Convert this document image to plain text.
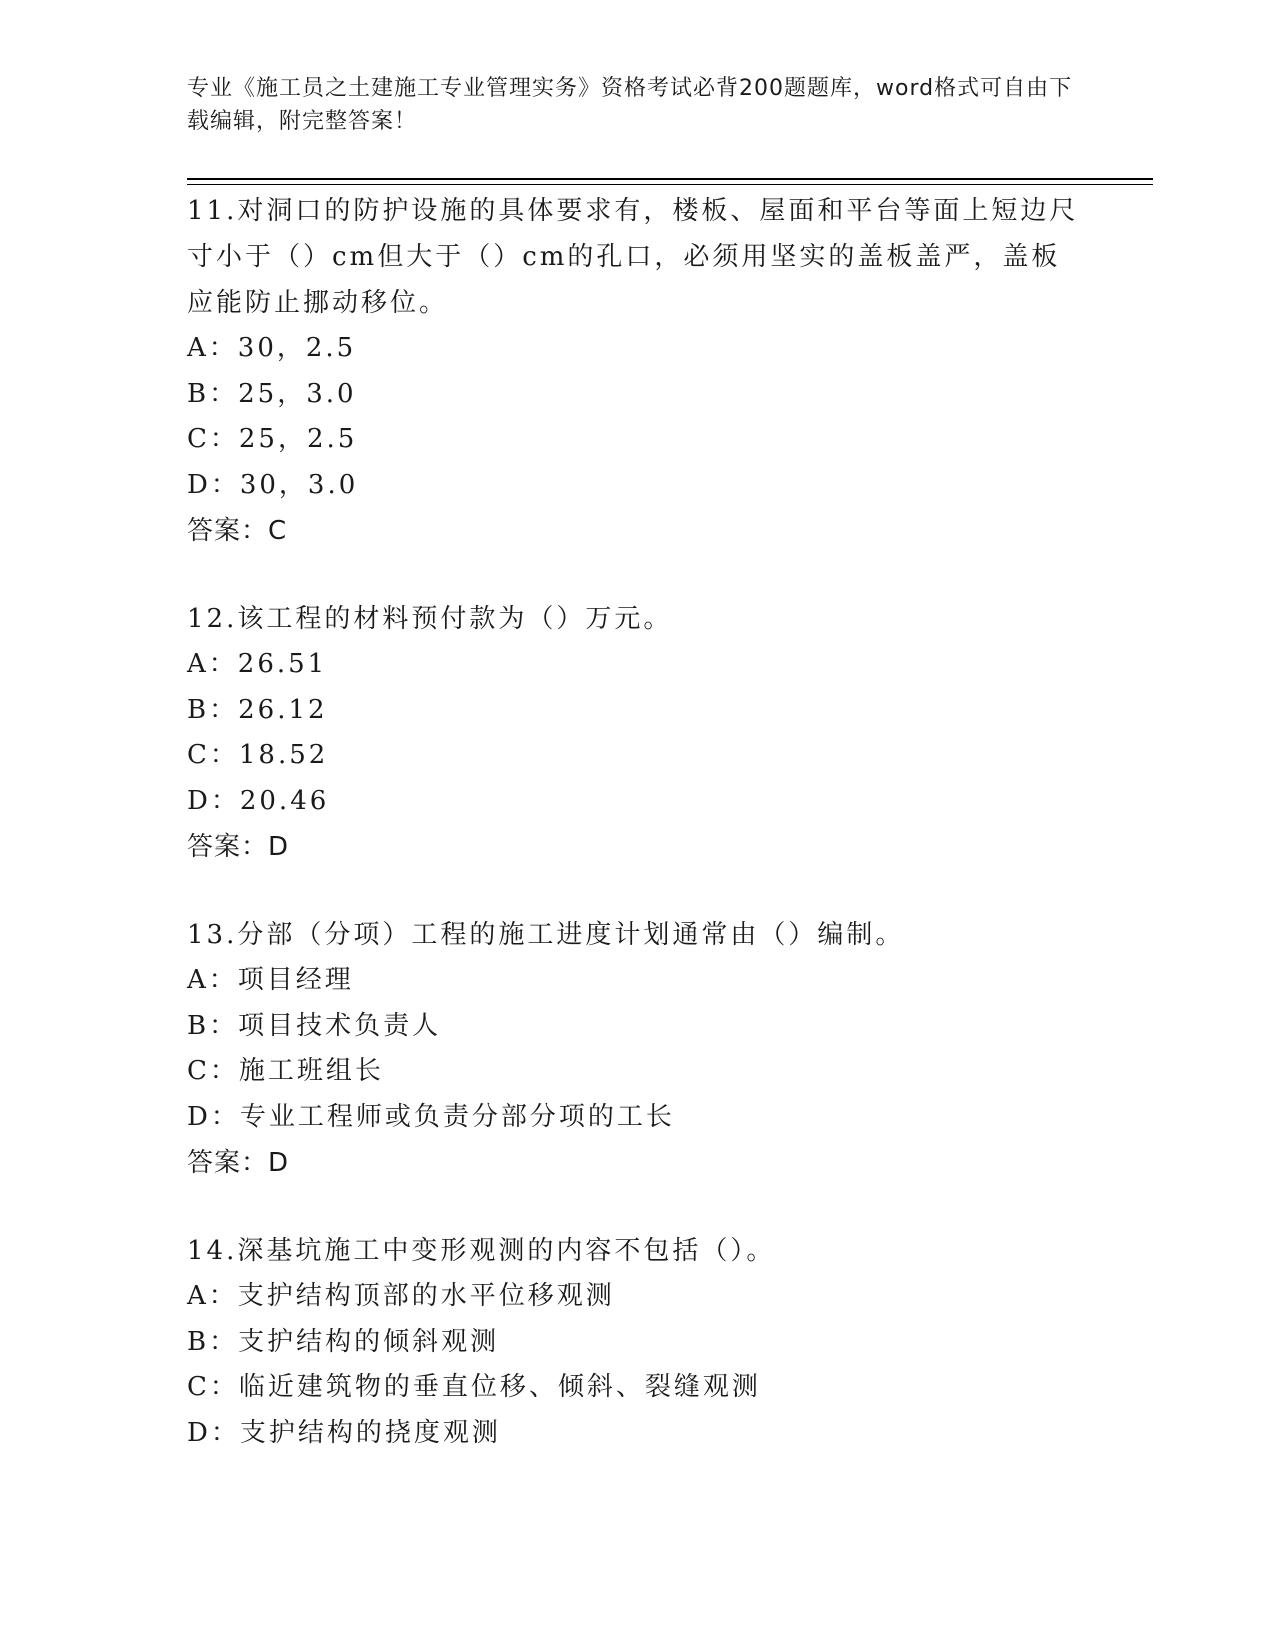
专业《施工员之土建施工专业管理实务》资格考试必背200题题库，word格式可自由下载编辑，附完整答案！
11.对洞口的防护设施的具体要求有，楼板、屋面和平台等面上短边尺寸小于（）cm但大于（）cm的孔口，必须用坚实的盖板盖严，盖板应能防止挪动移位。
A：30，2.5
B：25，3.0
C：25，2.5
D：30，3.0
答案：C
12.该工程的材料预付款为（）万元。
A：26.51
B：26.12
C：18.52
D：20.46
答案：D
13.分部（分项）工程的施工进度计划通常由（）编制。
A：项目经理
B：项目技术负责人
C：施工班组长
D：专业工程师或负责分部分项的工长
答案：D
14.深基坑施工中变形观测的内容不包括（）。
A：支护结构顶部的水平位移观测
B：支护结构的倾斜观测
C：临近建筑物的垂直位移、倾斜、裂缝观测
D：支护结构的挠度观测
